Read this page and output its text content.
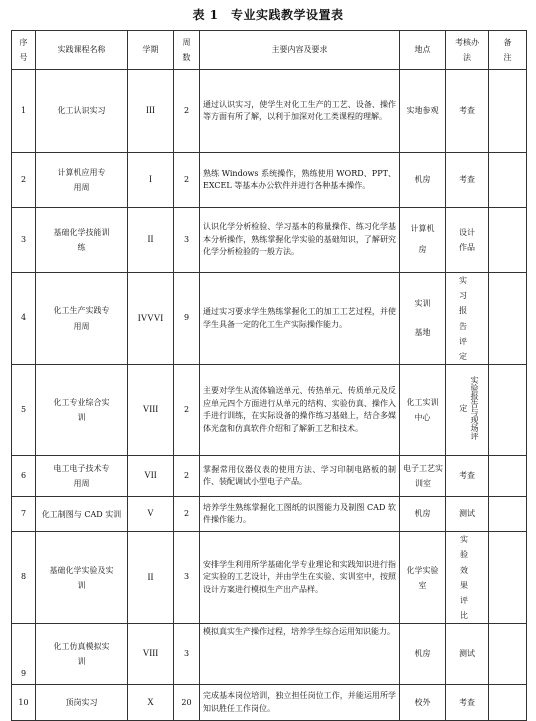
表 1　专业实践教学设置表
序号	实践课程名称	学期	周数	主要内容及要求	地点	考核办法	备注
1	化工认识实习	III	2	通过认识实习，使学生对化工生产的工艺、设备、操作等方面有所了解，以利于加深对化工类课程的理解。	实地参观	考查	
2	计算机应用专用周	I	2	熟练 Windows 系统操作，熟练使用 WORD、PPT、EXCEL 等基本办公软件并进行各种基本操作。	机房	考查	
3	基础化学技能训练	II	3	认识化学分析检验、学习基本的称量操作、练习化学基本分析操作，熟练掌握化学实验的基础知识，了解研究化学分析检验的一般方法。	计算机房	设计作品	
4	化工生产实践专用周	IVVVI	9	通过实习要求学生熟练掌握化工的加工工艺过程，并使学生具备一定的化工生产实际操作能力。	实训基地	实习报告评定	
5	化工专业综合实训	VIII	2	主要对学生从流体输送单元、传热单元、传质单元及反应单元四个方面进行从单元的结构、实验仿真、操作入手进行训练，在实际设备的操作练习基础上，结合多媒体光盘和仿真软件介绍和了解新工艺和技术。	化工实训中心	实验报告与现场评定	
6	电工电子技术专用周	VII	2	掌握常用仪器仪表的使用方法、学习印制电路板的制作、装配调试小型电子产品。	电子工艺实训室	考查	
7	化工制图与 CAD 实训	V	2	培养学生熟练掌握化工图纸的识图能力及制图 CAD 软件操作能力。	机房	测试	
8	基础化学实验及实训	II	3	安排学生利用所学基础化学专业理论和实践知识进行指定实验的工艺设计，并由学生在实验、实训室中，按照设计方案进行模拟生产出产品样。	化学实验室	实验效果评比	
9	化工仿真模拟实训	VIII	3	模拟真实生产操作过程，培养学生综合运用知识能力。	机房	测试	
10	顶岗实习	X	20	完成基本岗位培训，独立担任岗位工作，并能运用所学知识胜任工作岗位。	校外	考查	
